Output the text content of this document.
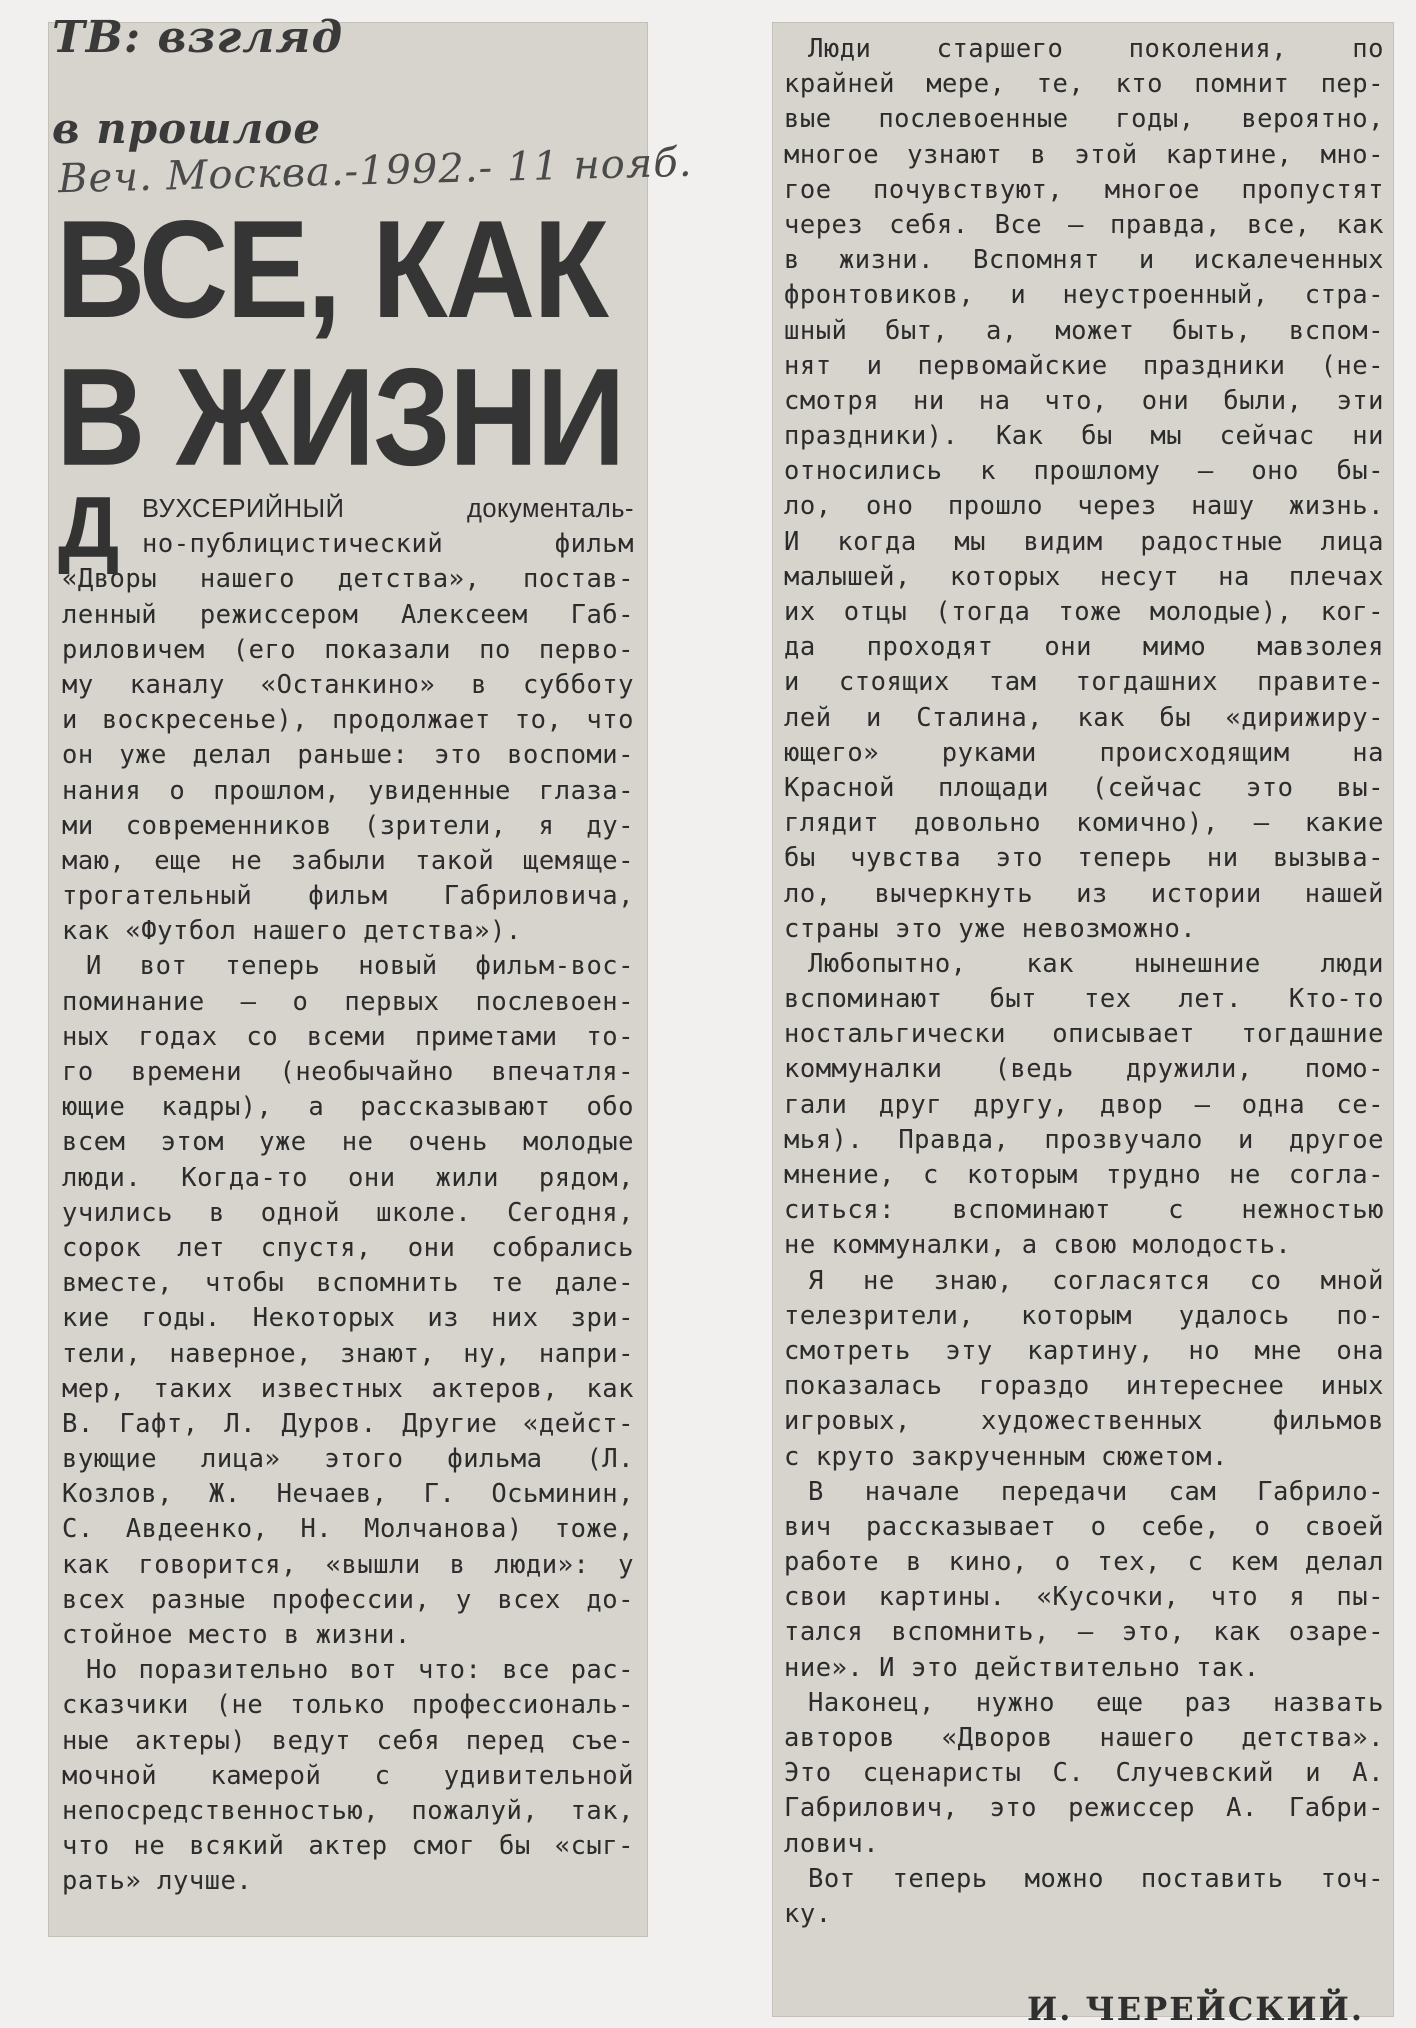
ТВ: взгляд
в прошлое
Веч. Москва.-1992.- 11 нояб.
ВСЕ, КАК
В ЖИЗНИ
Д ВУХСЕРИЙНЫЙ документаль-
но-публицистический фильм
«Дворы нашего детства», постав-
ленный режиссером Алексеем Габ-
риловичем (его показали по перво-
му каналу «Останкино» в субботу
и воскресенье), продолжает то, что
он уже делал раньше: это воспоми-
нания о прошлом, увиденные глаза-
ми современников (зрители, я ду-
маю, еще не забыли такой щемяще-
трогательный фильм Габриловича,
как «Футбол нашего детства»).
И вот теперь новый фильм-вос-
поминание — о первых послевоен-
ных годах со всеми приметами то-
го времени (необычайно впечатля-
ющие кадры), а рассказывают обо
всем этом уже не очень молодые
люди. Когда-то они жили рядом,
учились в одной школе. Сегодня,
сорок лет спустя, они собрались
вместе, чтобы вспомнить те дале-
кие годы. Некоторых из них зри-
тели, наверное, знают, ну, напри-
мер, таких известных актеров, как
В. Гафт, Л. Дуров. Другие «дейст-
вующие лица» этого фильма (Л.
Козлов, Ж. Нечаев, Г. Осьминин,
С. Авдеенко, Н. Молчанова) тоже,
как говорится, «вышли в люди»: у
всех разные профессии, у всех до-
стойное место в жизни.
Но поразительно вот что: все рас-
сказчики (не только профессиональ-
ные актеры) ведут себя перед съе-
мочной камерой с удивительной
непосредственностью, пожалуй, так,
что не всякий актер смог бы «сыг-
рать» лучше.
Люди старшего поколения, по
крайней мере, те, кто помнит пер-
вые послевоенные годы, вероятно,
многое узнают в этой картине, мно-
гое почувствуют, многое пропустят
через себя. Все — правда, все, как
в жизни. Вспомнят и искалеченных
фронтовиков, и неустроенный, стра-
шный быт, а, может быть, вспом-
нят и первомайские праздники (не-
смотря ни на что, они были, эти
праздники). Как бы мы сейчас ни
относились к прошлому — оно бы-
ло, оно прошло через нашу жизнь.
И когда мы видим радостные лица
малышей, которых несут на плечах
их отцы (тогда тоже молодые), ког-
да проходят они мимо мавзолея
и стоящих там тогдашних правите-
лей и Сталина, как бы «дирижиру-
ющего» руками происходящим на
Красной площади (сейчас это вы-
глядит довольно комично), — какие
бы чувства это теперь ни вызыва-
ло, вычеркнуть из истории нашей
страны это уже невозможно.
Любопытно, как нынешние люди
вспоминают быт тех лет. Кто-то
ностальгически описывает тогдашние
коммуналки (ведь дружили, помо-
гали друг другу, двор — одна се-
мья). Правда, прозвучало и другое
мнение, с которым трудно не согла-
ситься: вспоминают с нежностью
не коммуналки, а свою молодость.
Я не знаю, согласятся со мной
телезрители, которым удалось по-
смотреть эту картину, но мне она
показалась гораздо интереснее иных
игровых, художественных фильмов
с круто закрученным сюжетом.
В начале передачи сам Габрило-
вич рассказывает о себе, о своей
работе в кино, о тех, с кем делал
свои картины. «Кусочки, что я пы-
тался вспомнить, — это, как озаре-
ние». И это действительно так.
Наконец, нужно еще раз назвать
авторов «Дворов нашего детства».
Это сценаристы С. Случевский и А.
Габрилович, это режиссер А. Габри-
лович.
Вот теперь можно поставить точ-
ку.
И. ЧЕРЕЙСКИЙ.
